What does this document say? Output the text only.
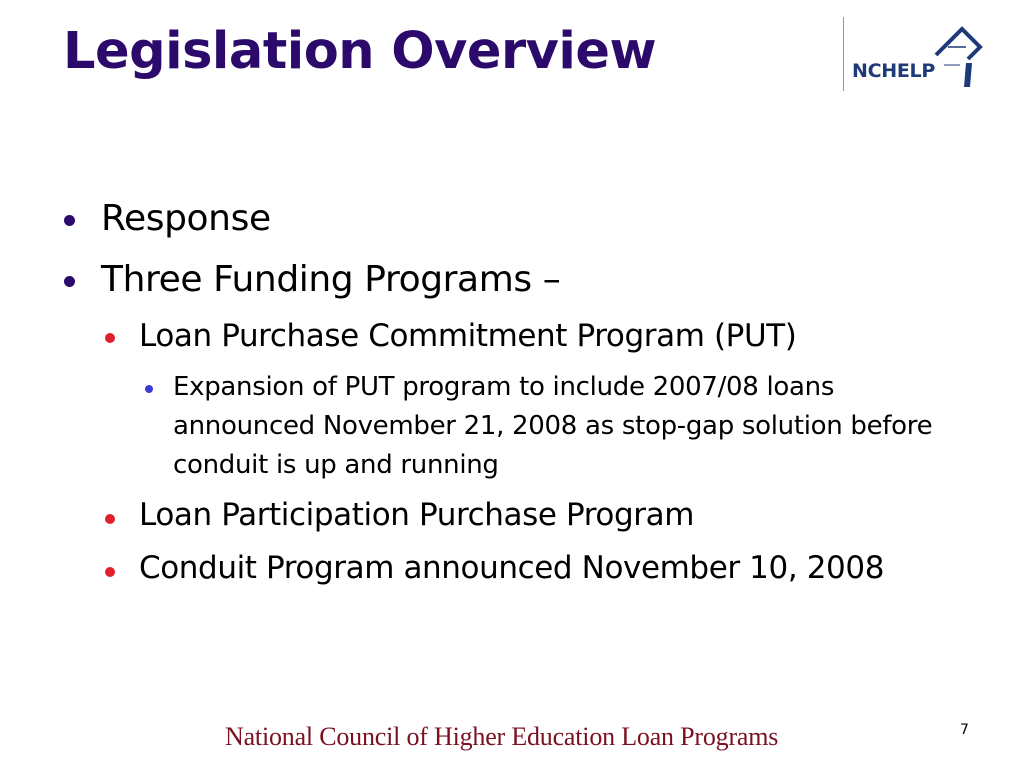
Legislation Overview	NCHELP
Response
Three Funding Programs –
Loan Purchase Commitment Program (PUT)
Expansion of PUT program to include 2007/08 loans announced November 21, 2008 as stop-gap solution before conduit is up and running
Loan Participation Purchase Program
Conduit Program announced November 10, 2008
National Council of Higher Education Loan Programs	7
